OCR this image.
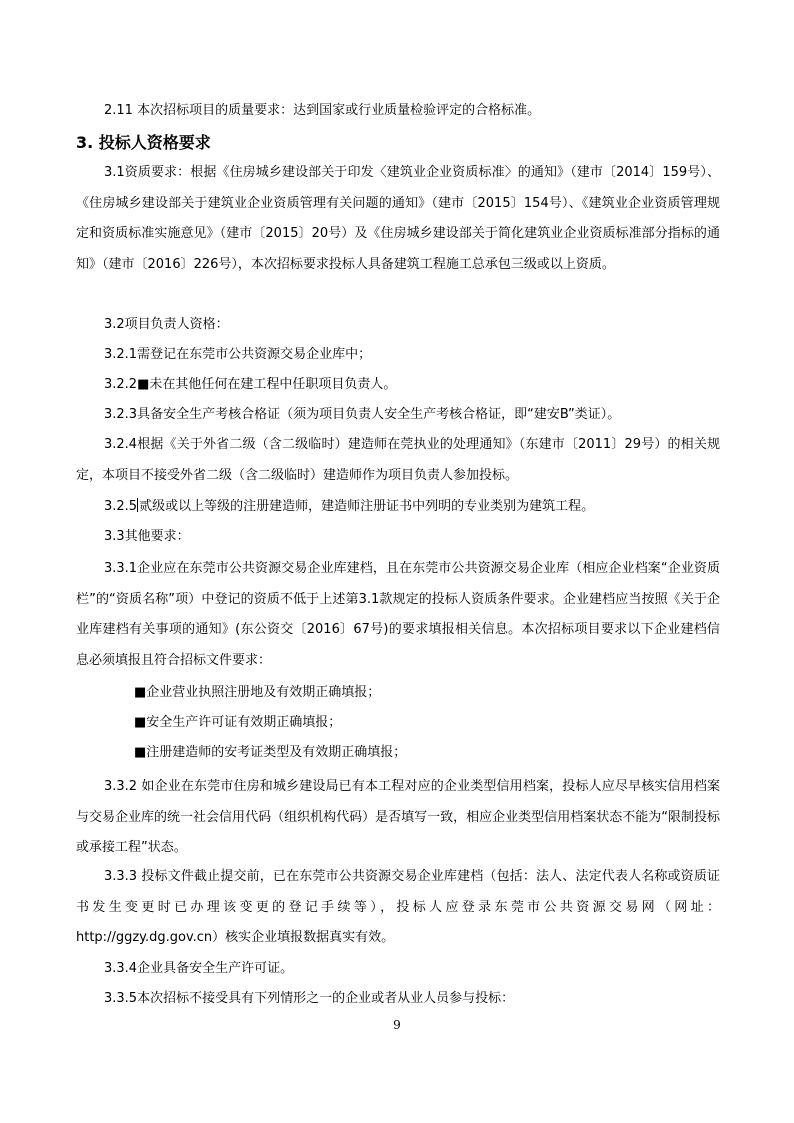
2.11 本次招标项目的质量要求：达到国家或行业质量检验评定的合格标准。

3. 投标人资格要求

3.1资质要求：根据《住房城乡建设部关于印发〈建筑业企业资质标准〉的通知》（建市〔2014〕159号）、《住房城乡建设部关于建筑业企业资质管理有关问题的通知》（建市〔2015〕154号）、《建筑业企业资质管理规定和资质标准实施意见》（建市〔2015〕20号）及《住房城乡建设部关于简化建筑业企业资质标准部分指标的通知》（建市〔2016〕226号），本次招标要求投标人具备建筑工程施工总承包三级或以上资质。

3.2项目负责人资格：

3.2.1需登记在东莞市公共资源交易企业库中；

3.2.2■未在其他任何在建工程中任职项目负责人。

3.2.3具备安全生产考核合格证（须为项目负责人安全生产考核合格证，即“建安B”类证）。

3.2.4根据《关于外省二级（含二级临时）建造师在莞执业的处理通知》（东建市〔2011〕29号）的相关规定，本项目不接受外省二级（含二级临时）建造师作为项目负责人参加投标。

3.2.5 贰级或以上等级的注册建造师，建造师注册证书中列明的专业类别为建筑工程。

3.3其他要求：

3.3.1企业应在东莞市公共资源交易企业库建档，且在东莞市公共资源交易企业库（相应企业档案“企业资质栏”的“资质名称”项）中登记的资质不低于上述第3.1款规定的投标人资质条件要求。企业建档应当按照《关于企业库建档有关事项的通知》(东公资交〔2016〕67号)的要求填报相关信息。本次招标项目要求以下企业建档信息必须填报且符合招标文件要求：

■企业营业执照注册地及有效期正确填报；

■安全生产许可证有效期正确填报；

■注册建造师的安考证类型及有效期正确填报；

3.3.2 如企业在东莞市住房和城乡建设局已有本工程对应的企业类型信用档案，投标人应尽早核实信用档案与交易企业库的统一社会信用代码（组织机构代码）是否填写一致，相应企业类型信用档案状态不能为“限制投标或承接工程”状态。

3.3.3 投标文件截止提交前，已在东莞市公共资源交易企业库建档（包括：法人、法定代表人名称或资质证书发生变更时已办理该变更的登记手续等），投标人应登录东莞市公共资源交易网（网址：http://ggzy.dg.gov.cn）核实企业填报数据真实有效。

3.3.4企业具备安全生产许可证。

3.3.5本次招标不接受具有下列情形之一的企业或者从业人员参与投标：

9
